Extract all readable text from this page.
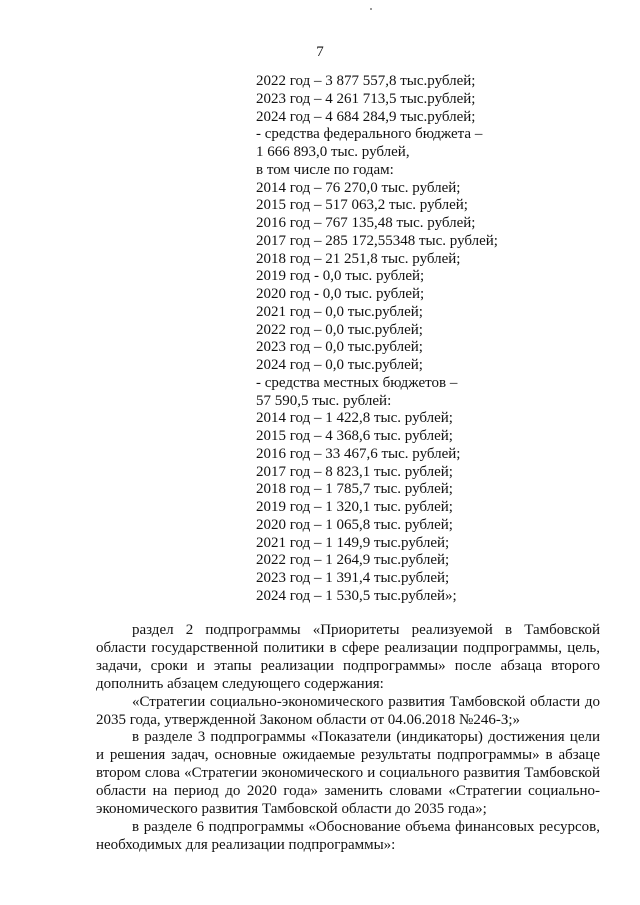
7
2022 год – 3 877 557,8 тыс.рублей;
2023 год – 4 261 713,5 тыс.рублей;
2024 год – 4 684 284,9 тыс.рублей;
- средства федерального бюджета –
1 666 893,0 тыс. рублей,
в том числе по годам:
2014 год – 76 270,0 тыс. рублей;
2015 год – 517 063,2 тыс. рублей;
2016 год – 767 135,48 тыс. рублей;
2017 год – 285 172,55348 тыс. рублей;
2018 год – 21 251,8 тыс. рублей;
2019 год - 0,0 тыс. рублей;
2020 год - 0,0 тыс. рублей;
2021 год – 0,0 тыс.рублей;
2022 год – 0,0 тыс.рублей;
2023 год – 0,0 тыс.рублей;
2024 год – 0,0 тыс.рублей;
- средства местных бюджетов –
57 590,5 тыс. рублей:
2014 год – 1 422,8 тыс. рублей;
2015 год – 4 368,6 тыс. рублей;
2016 год – 33 467,6 тыс. рублей;
2017 год – 8 823,1 тыс. рублей;
2018 год – 1 785,7 тыс. рублей;
2019 год – 1 320,1 тыс. рублей;
2020 год – 1 065,8 тыс. рублей;
2021 год – 1 149,9 тыс.рублей;
2022 год – 1 264,9 тыс.рублей;
2023 год – 1 391,4 тыс.рублей;
2024 год – 1 530,5 тыс.рублей»;

раздел 2 подпрограммы «Приоритеты реализуемой в Тамбовской области государственной политики в сфере реализации подпрограммы, цель, задачи, сроки и этапы реализации подпрограммы» после абзаца второго дополнить абзацем следующего содержания:

«Стратегии социально-экономического развития Тамбовской области до 2035 года, утвержденной Законом области от 04.06.2018 №246-З;»

в разделе 3 подпрограммы «Показатели (индикаторы) достижения цели и решения задач, основные ожидаемые результаты подпрограммы» в абзаце втором слова «Стратегии экономического и социального развития Тамбовской области на период до 2020 года» заменить словами «Стратегии социально-экономического развития Тамбовской области до 2035 года»;

в разделе 6 подпрограммы «Обоснование объема финансовых ресурсов, необходимых для реализации подпрограммы»:
